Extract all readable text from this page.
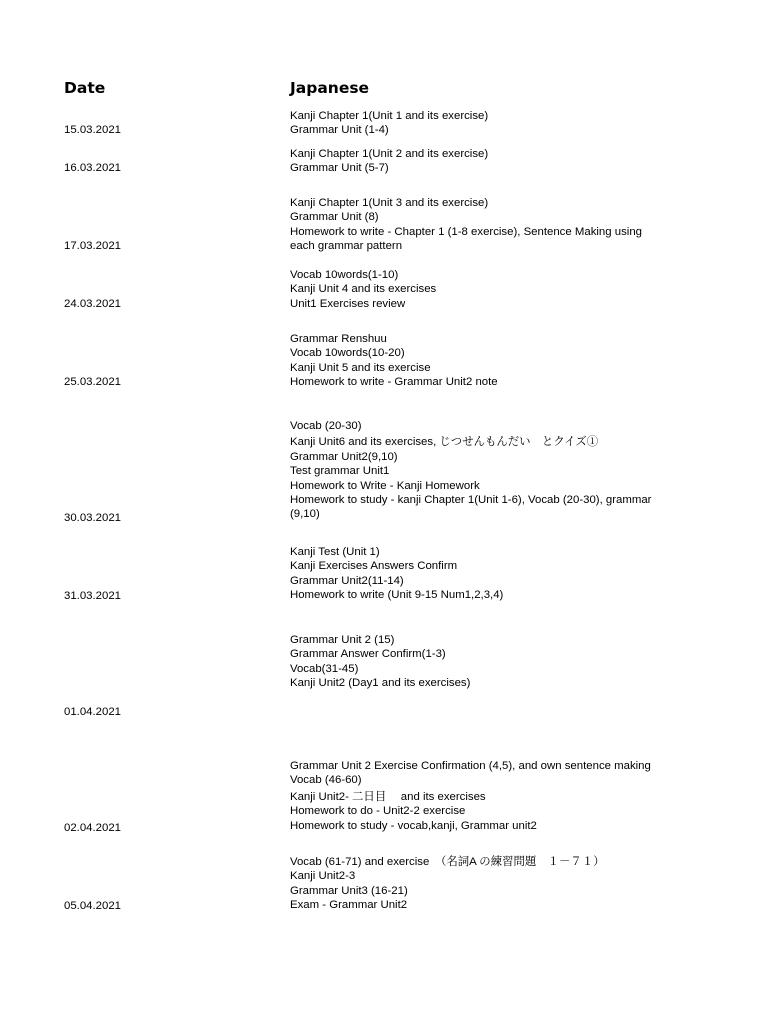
Date	Japanese
Kanji Chapter 1(Unit 1 and its exercise)
Grammar Unit (1-4)
15.03.2021
Kanji Chapter 1(Unit 2 and its exercise)
Grammar Unit (5-7)
16.03.2021
Kanji Chapter 1(Unit 3 and its exercise)
Grammar Unit (8)
Homework to write - Chapter 1 (1-8 exercise), Sentence Making using
each grammar pattern
17.03.2021
Vocab 10words(1-10)
Kanji Unit 4 and its exercises
Unit1 Exercises review
24.03.2021
Grammar Renshuu
Vocab 10words(10-20)
Kanji Unit 5 and its exercise
Homework to write - Grammar Unit2 note
25.03.2021
Vocab (20-30)
Kanji Unit6 and its exercises, じつせんもんだい　とクイズ①
Grammar Unit2(9,10)
Test grammar Unit1
Homework to Write - Kanji Homework
Homework to study - kanji Chapter 1(Unit 1-6), Vocab (20-30), grammar
(9,10)
30.03.2021
Kanji Test (Unit 1)
Kanji Exercises Answers Confirm
Grammar Unit2(11-14)
Homework to write (Unit 9-15 Num1,2,3,4)
31.03.2021
Grammar Unit 2 (15)
Grammar Answer Confirm(1-3)
Vocab(31-45)
Kanji Unit2 (Day1 and its exercises)
01.04.2021
Grammar Unit 2 Exercise Confirmation (4,5), and own sentence making
Vocab (46-60)
Kanji Unit2- 二日目　 and its exercises
Homework to do - Unit2-2 exercise
Homework to study - vocab,kanji, Grammar unit2
02.04.2021
Vocab (61-71) and exercise　（名詞A の練習問題　１－７１）
Kanji Unit2-3
Grammar Unit3 (16-21)
Exam - Grammar Unit2
05.04.2021
